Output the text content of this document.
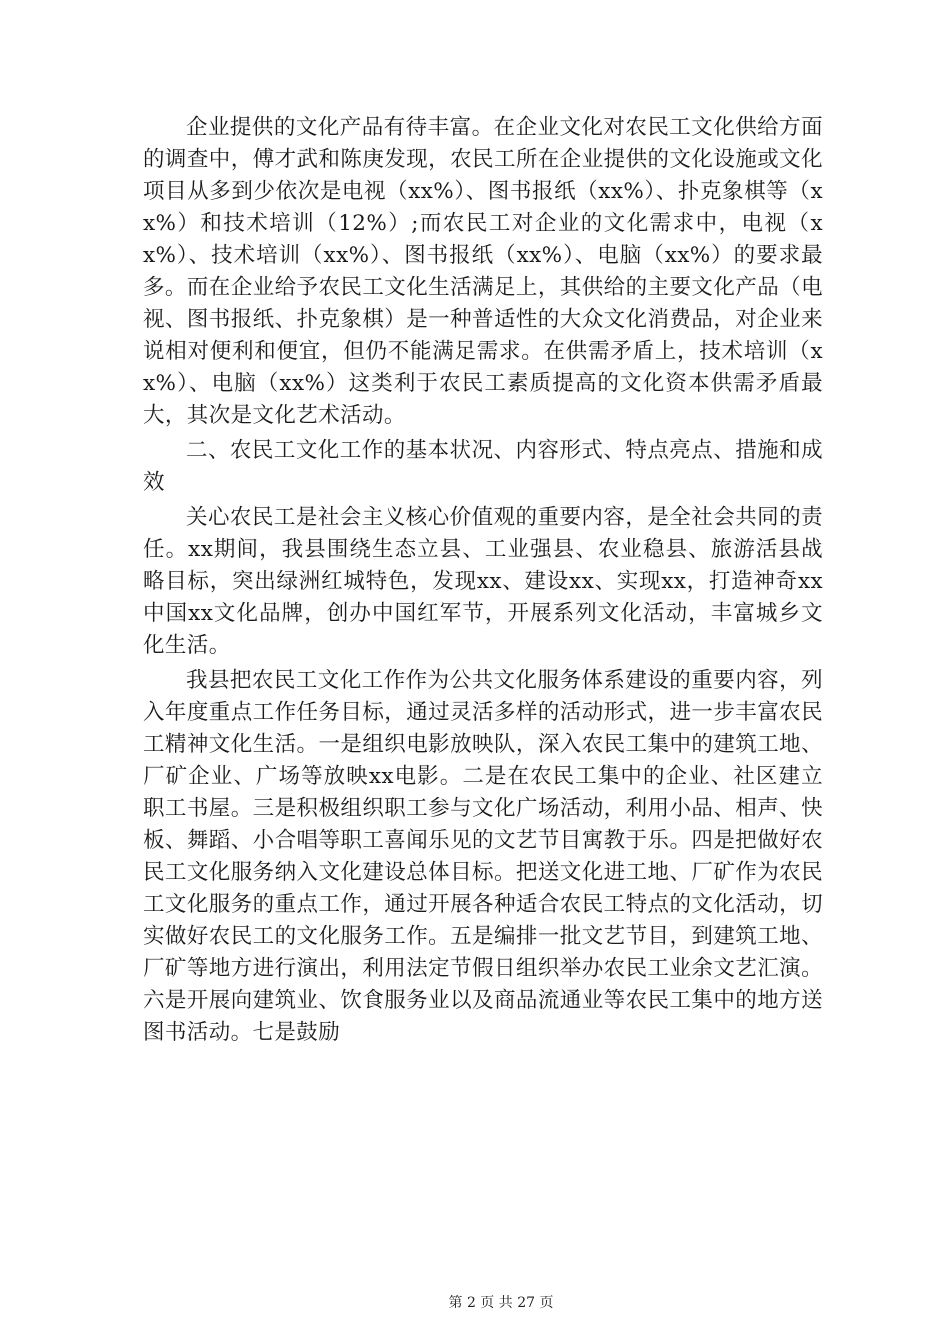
企业提供的文化产品有待丰富。在企业文化对农民工文化供给方面的调查中，傅才武和陈庚发现，农民工所在企业提供的文化设施或文化项目从多到少依次是电视（xx%）、图书报纸（xx%）、扑克象棋等（xx%）和技术培训（12%）;而农民工对企业的文化需求中，电视（xx%）、技术培训（xx%）、图书报纸（xx%）、电脑（xx%）的要求最多。而在企业给予农民工文化生活满足上，其供给的主要文化产品（电视、图书报纸、扑克象棋）是一种普适性的大众文化消费品，对企业来说相对便利和便宜，但仍不能满足需求。在供需矛盾上，技术培训（xx%）、电脑（xx%）这类利于农民工素质提高的文化资本供需矛盾最大，其次是文化艺术活动。

二、农民工文化工作的基本状况、内容形式、特点亮点、措施和成效

关心农民工是社会主义核心价值观的重要内容，是全社会共同的责任。xx期间，我县围绕生态立县、工业强县、农业稳县、旅游活县战略目标，突出绿洲红城特色，发现xx、建设xx、实现xx，打造神奇xx中国xx文化品牌，创办中国红军节，开展系列文化活动，丰富城乡文化生活。

我县把农民工文化工作作为公共文化服务体系建设的重要内容，列入年度重点工作任务目标，通过灵活多样的活动形式，进一步丰富农民工精神文化生活。一是组织电影放映队，深入农民工集中的建筑工地、厂矿企业、广场等放映xx电影。二是在农民工集中的企业、社区建立职工书屋。三是积极组织职工参与文化广场活动，利用小品、相声、快板、舞蹈、小合唱等职工喜闻乐见的文艺节目寓教于乐。四是把做好农民工文化服务纳入文化建设总体目标。把送文化进工地、厂矿作为农民工文化服务的重点工作，通过开展各种适合农民工特点的文化活动，切实做好农民工的文化服务工作。五是编排一批文艺节目，到建筑工地、厂矿等地方进行演出，利用法定节假日组织举办农民工业余文艺汇演。六是开展向建筑业、饮食服务业以及商品流通业等农民工集中的地方送图书活动。七是鼓励

第 2 页 共 27 页
